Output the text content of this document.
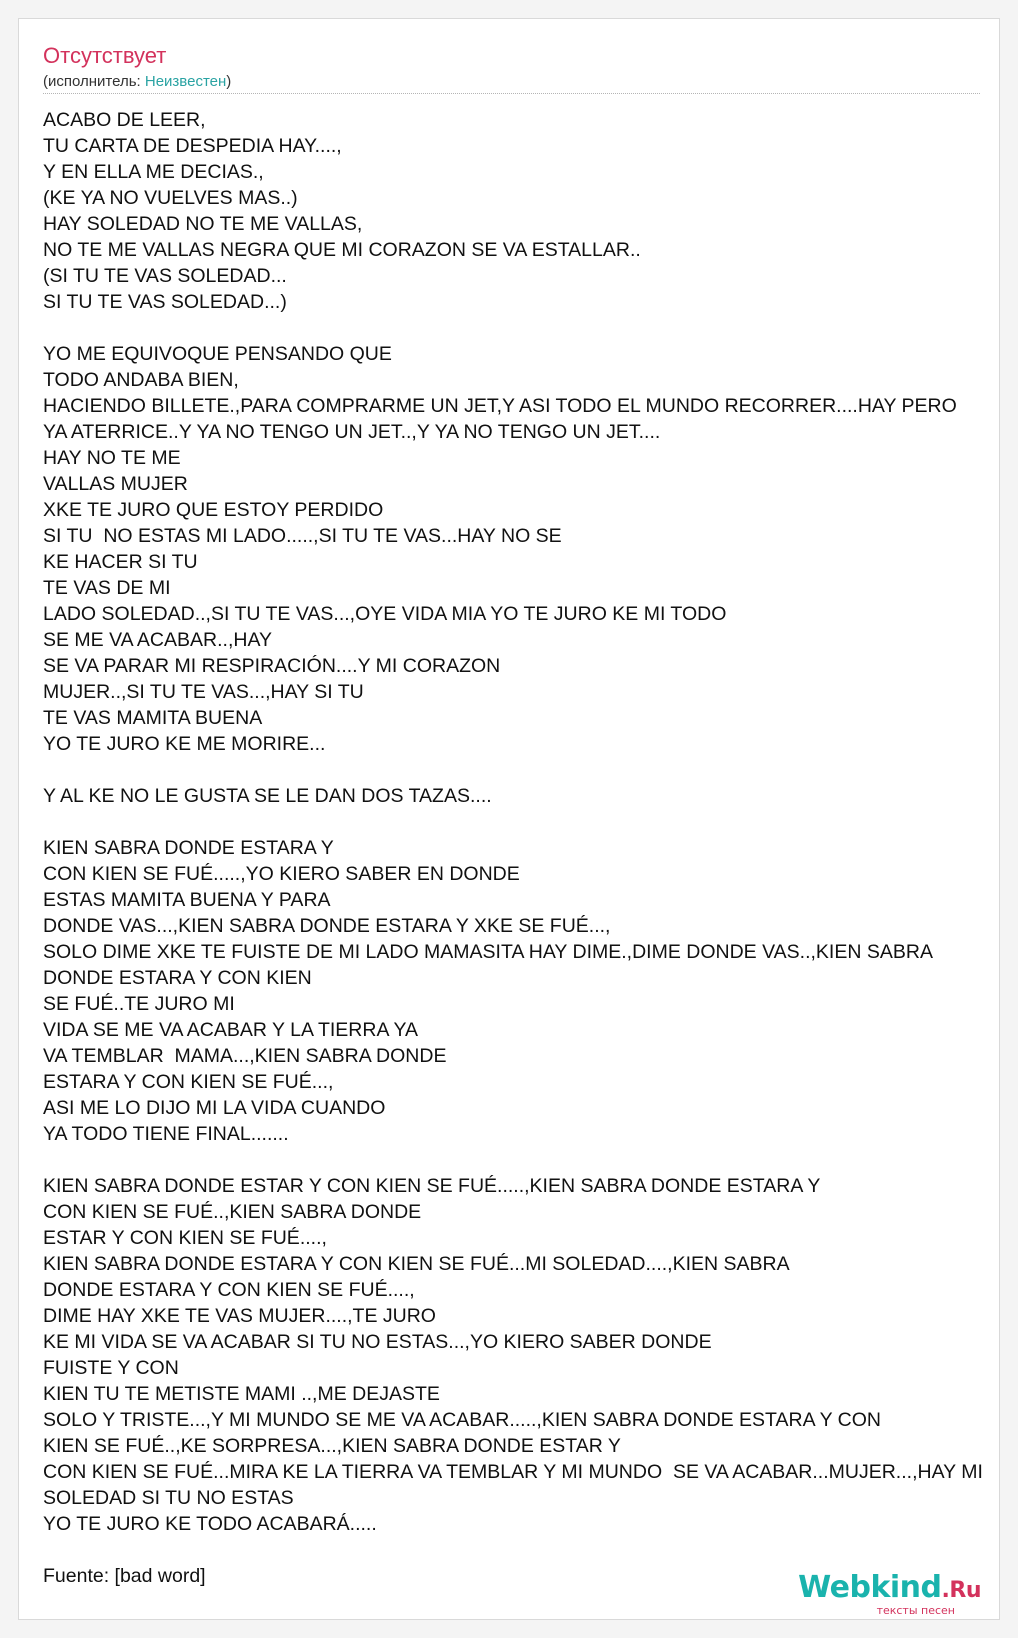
Отсутствует
(исполнитель: Неизвестен)
ACABO DE LEER,
TU CARTA DE DESPEDIA HAY....,
Y EN ELLA ME DECIAS.,
(KE YA NO VUELVES MAS..)
HAY SOLEDAD NO TE ME VALLAS,
NO TE ME VALLAS NEGRA QUE MI CORAZON SE VA ESTALLAR..
(SI TU TE VAS SOLEDAD...
SI TU TE VAS SOLEDAD...)

YO ME EQUIVOQUE PENSANDO QUE
TODO ANDABA BIEN,
HACIENDO BILLETE.,PARA COMPRARME UN JET,Y ASI TODO EL MUNDO RECORRER....HAY PERO
YA ATERRICE..Y YA NO TENGO UN JET..,Y YA NO TENGO UN JET....
HAY NO TE ME
VALLAS MUJER
XKE TE JURO QUE ESTOY PERDIDO
SI TU  NO ESTAS MI LADO.....,SI TU TE VAS...HAY NO SE
KE HACER SI TU
TE VAS DE MI
LADO SOLEDAD..,SI TU TE VAS...,OYE VIDA MIA YO TE JURO KE MI TODO
SE ME VA ACABAR..,HAY
SE VA PARAR MI RESPIRACIÓN....Y MI CORAZON
MUJER..,SI TU TE VAS...,HAY SI TU
TE VAS MAMITA BUENA
YO TE JURO KE ME MORIRE...

Y AL KE NO LE GUSTA SE LE DAN DOS TAZAS....

KIEN SABRA DONDE ESTARA Y
CON KIEN SE FUÉ.....,YO KIERO SABER EN DONDE
ESTAS MAMITA BUENA Y PARA
DONDE VAS...,KIEN SABRA DONDE ESTARA Y XKE SE FUÉ...,
SOLO DIME XKE TE FUISTE DE MI LADO MAMASITA HAY DIME.,DIME DONDE VAS..,KIEN SABRA
DONDE ESTARA Y CON KIEN
SE FUÉ..TE JURO MI
VIDA SE ME VA ACABAR Y LA TIERRA YA
VA TEMBLAR  MAMA...,KIEN SABRA DONDE
ESTARA Y CON KIEN SE FUÉ...,
ASI ME LO DIJO MI LA VIDA CUANDO
YA TODO TIENE FINAL.......

KIEN SABRA DONDE ESTAR Y CON KIEN SE FUÉ.....,KIEN SABRA DONDE ESTARA Y
CON KIEN SE FUÉ..,KIEN SABRA DONDE
ESTAR Y CON KIEN SE FUÉ....,
KIEN SABRA DONDE ESTARA Y CON KIEN SE FUÉ...MI SOLEDAD....,KIEN SABRA
DONDE ESTARA Y CON KIEN SE FUÉ....,
DIME HAY XKE TE VAS MUJER....,TE JURO
KE MI VIDA SE VA ACABAR SI TU NO ESTAS...,YO KIERO SABER DONDE
FUISTE Y CON
KIEN TU TE METISTE MAMI ..,ME DEJASTE
SOLO Y TRISTE...,Y MI MUNDO SE ME VA ACABAR.....,KIEN SABRA DONDE ESTARA Y CON
KIEN SE FUÉ..,KE SORPRESA...,KIEN SABRA DONDE ESTAR Y
CON KIEN SE FUÉ...MIRA KE LA TIERRA VA TEMBLAR Y MI MUNDO  SE VA ACABAR...MUJER...,HAY MI
SOLEDAD SI TU NO ESTAS
YO TE JURO KE TODO ACABARÁ.....

Fuente: [bad word]	Webkind.Ru
тексты песен
